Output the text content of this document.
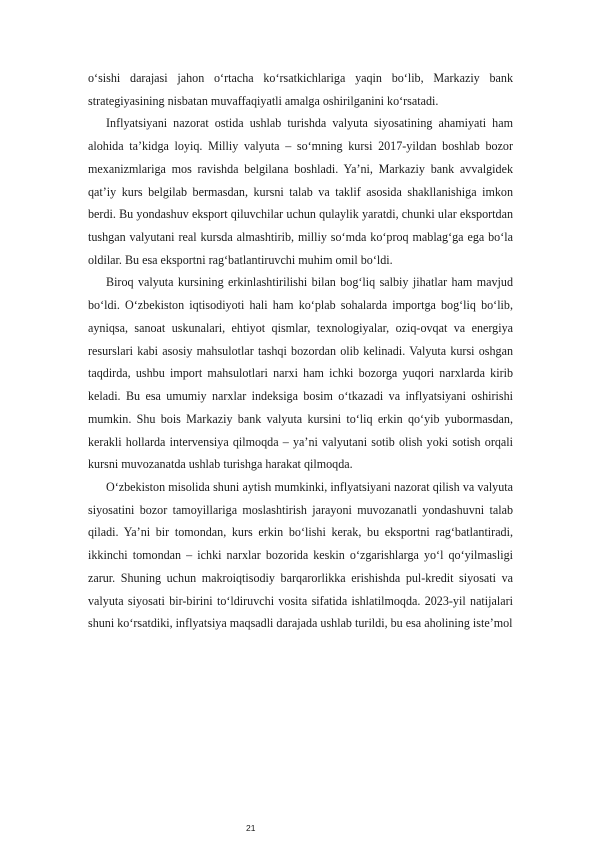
o‘sishi darajasi jahon o‘rtacha ko‘rsatkichlariga yaqin bo‘lib, Markaziy bank strategiyasining nisbatan muvaffaqiyatli amalga oshirilganini ko‘rsatadi.

Inflyatsiyani nazorat ostida ushlab turishda valyuta siyosatining ahamiyati ham alohida ta’kidga loyiq. Milliy valyuta – so‘mning kursi 2017-yildan boshlab bozor mexanizmlariga mos ravishda belgilana boshladi. Ya’ni, Markaziy bank avvalgidek qat’iy kurs belgilab bermasdan, kursni talab va taklif asosida shakllanishiga imkon berdi. Bu yondashuv eksport qiluvchilar uchun qulaylik yaratdi, chunki ular eksportdan tushgan valyutani real kursda almashtirib, milliy so‘mda ko‘proq mablag‘ga ega bo‘la oldilar. Bu esa eksportni rag‘batlantiruvchi muhim omil bo‘ldi.

Biroq valyuta kursining erkinlashtirilishi bilan bog‘liq salbiy jihatlar ham mavjud bo‘ldi. O‘zbekiston iqtisodiyoti hali ham ko‘plab sohalarda importga bog‘liq bo‘lib, ayniqsa, sanoat uskunalari, ehtiyot qismlar, texnologiyalar, oziq-ovqat va energiya resurslari kabi asosiy mahsulotlar tashqi bozordan olib kelinadi. Valyuta kursi oshgan taqdirda, ushbu import mahsulotlari narxi ham ichki bozorga yuqori narxlarda kirib keladi. Bu esa umumiy narxlar indeksiga bosim o‘tkazadi va inflyatsiyani oshirishi mumkin. Shu bois Markaziy bank valyuta kursini to‘liq erkin qo‘yib yubormasdan, kerakli hollarda intervensiya qilmoqda – ya’ni valyutani sotib olish yoki sotish orqali kursni muvozanatda ushlab turishga harakat qilmoqda.

O‘zbekiston misolida shuni aytish mumkinki, inflyatsiyani nazorat qilish va valyuta siyosatini bozor tamoyillariga moslashtirish jarayoni muvozanatli yondashuvni talab qiladi. Ya’ni bir tomondan, kurs erkin bo‘lishi kerak, bu eksportni rag‘batlantiradi, ikkinchi tomondan – ichki narxlar bozorida keskin o‘zgarishlarga yo‘l qo‘yilmasligi zarur. Shuning uchun makroiqtisodiy barqarorlikka erishishda pul-kredit siyosati va valyuta siyosati bir-birini to‘ldiruvchi vosita sifatida ishlatilmoqda. 2023-yil natijalari shuni ko‘rsatdiki, inflyatsiya maqsadli darajada ushlab turildi, bu esa aholining iste’mol

21
